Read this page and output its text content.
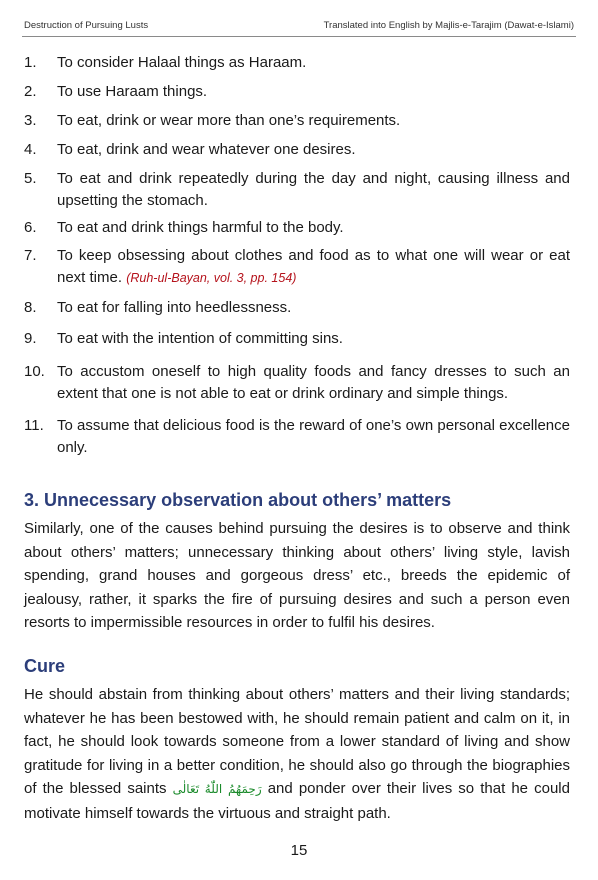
Destruction of Pursuing Lusts	Translated into English by Majlis-e-Tarajim (Dawat-e-Islami)
1. To consider Halaal things as Haraam.
2. To use Haraam things.
3. To eat, drink or wear more than one’s requirements.
4. To eat, drink and wear whatever one desires.
5. To eat and drink repeatedly during the day and night, causing illness and upsetting the stomach.
6. To eat and drink things harmful to the body.
7. To keep obsessing about clothes and food as to what one will wear or eat next time. (Ruh-ul-Bayan, vol. 3, pp. 154)
8. To eat for falling into heedlessness.
9. To eat with the intention of committing sins.
10. To accustom oneself to high quality foods and fancy dresses to such an extent that one is not able to eat or drink ordinary and simple things.
11. To assume that delicious food is the reward of one’s own personal excellence only.
3. Unnecessary observation about others’ matters

Similarly, one of the causes behind pursuing the desires is to observe and think about others’ matters; unnecessary thinking about others’ living style, lavish spending, grand houses and gorgeous dress’ etc., breeds the epidemic of jealousy, rather, it sparks the fire of pursuing desires and such a person even resorts to impermissible resources in order to fulfil his desires.

Cure

He should abstain from thinking about others’ matters and their living standards; whatever he has been bestowed with, he should remain patient and calm on it, in fact, he should look towards someone from a lower standard of living and show gratitude for living in a better condition, he should also go through the biographies of the blessed saints رَحِمَهُمُ اللّٰهُ تَعَالٰی and ponder over their lives so that he could motivate himself towards the virtuous and straight path.

15
